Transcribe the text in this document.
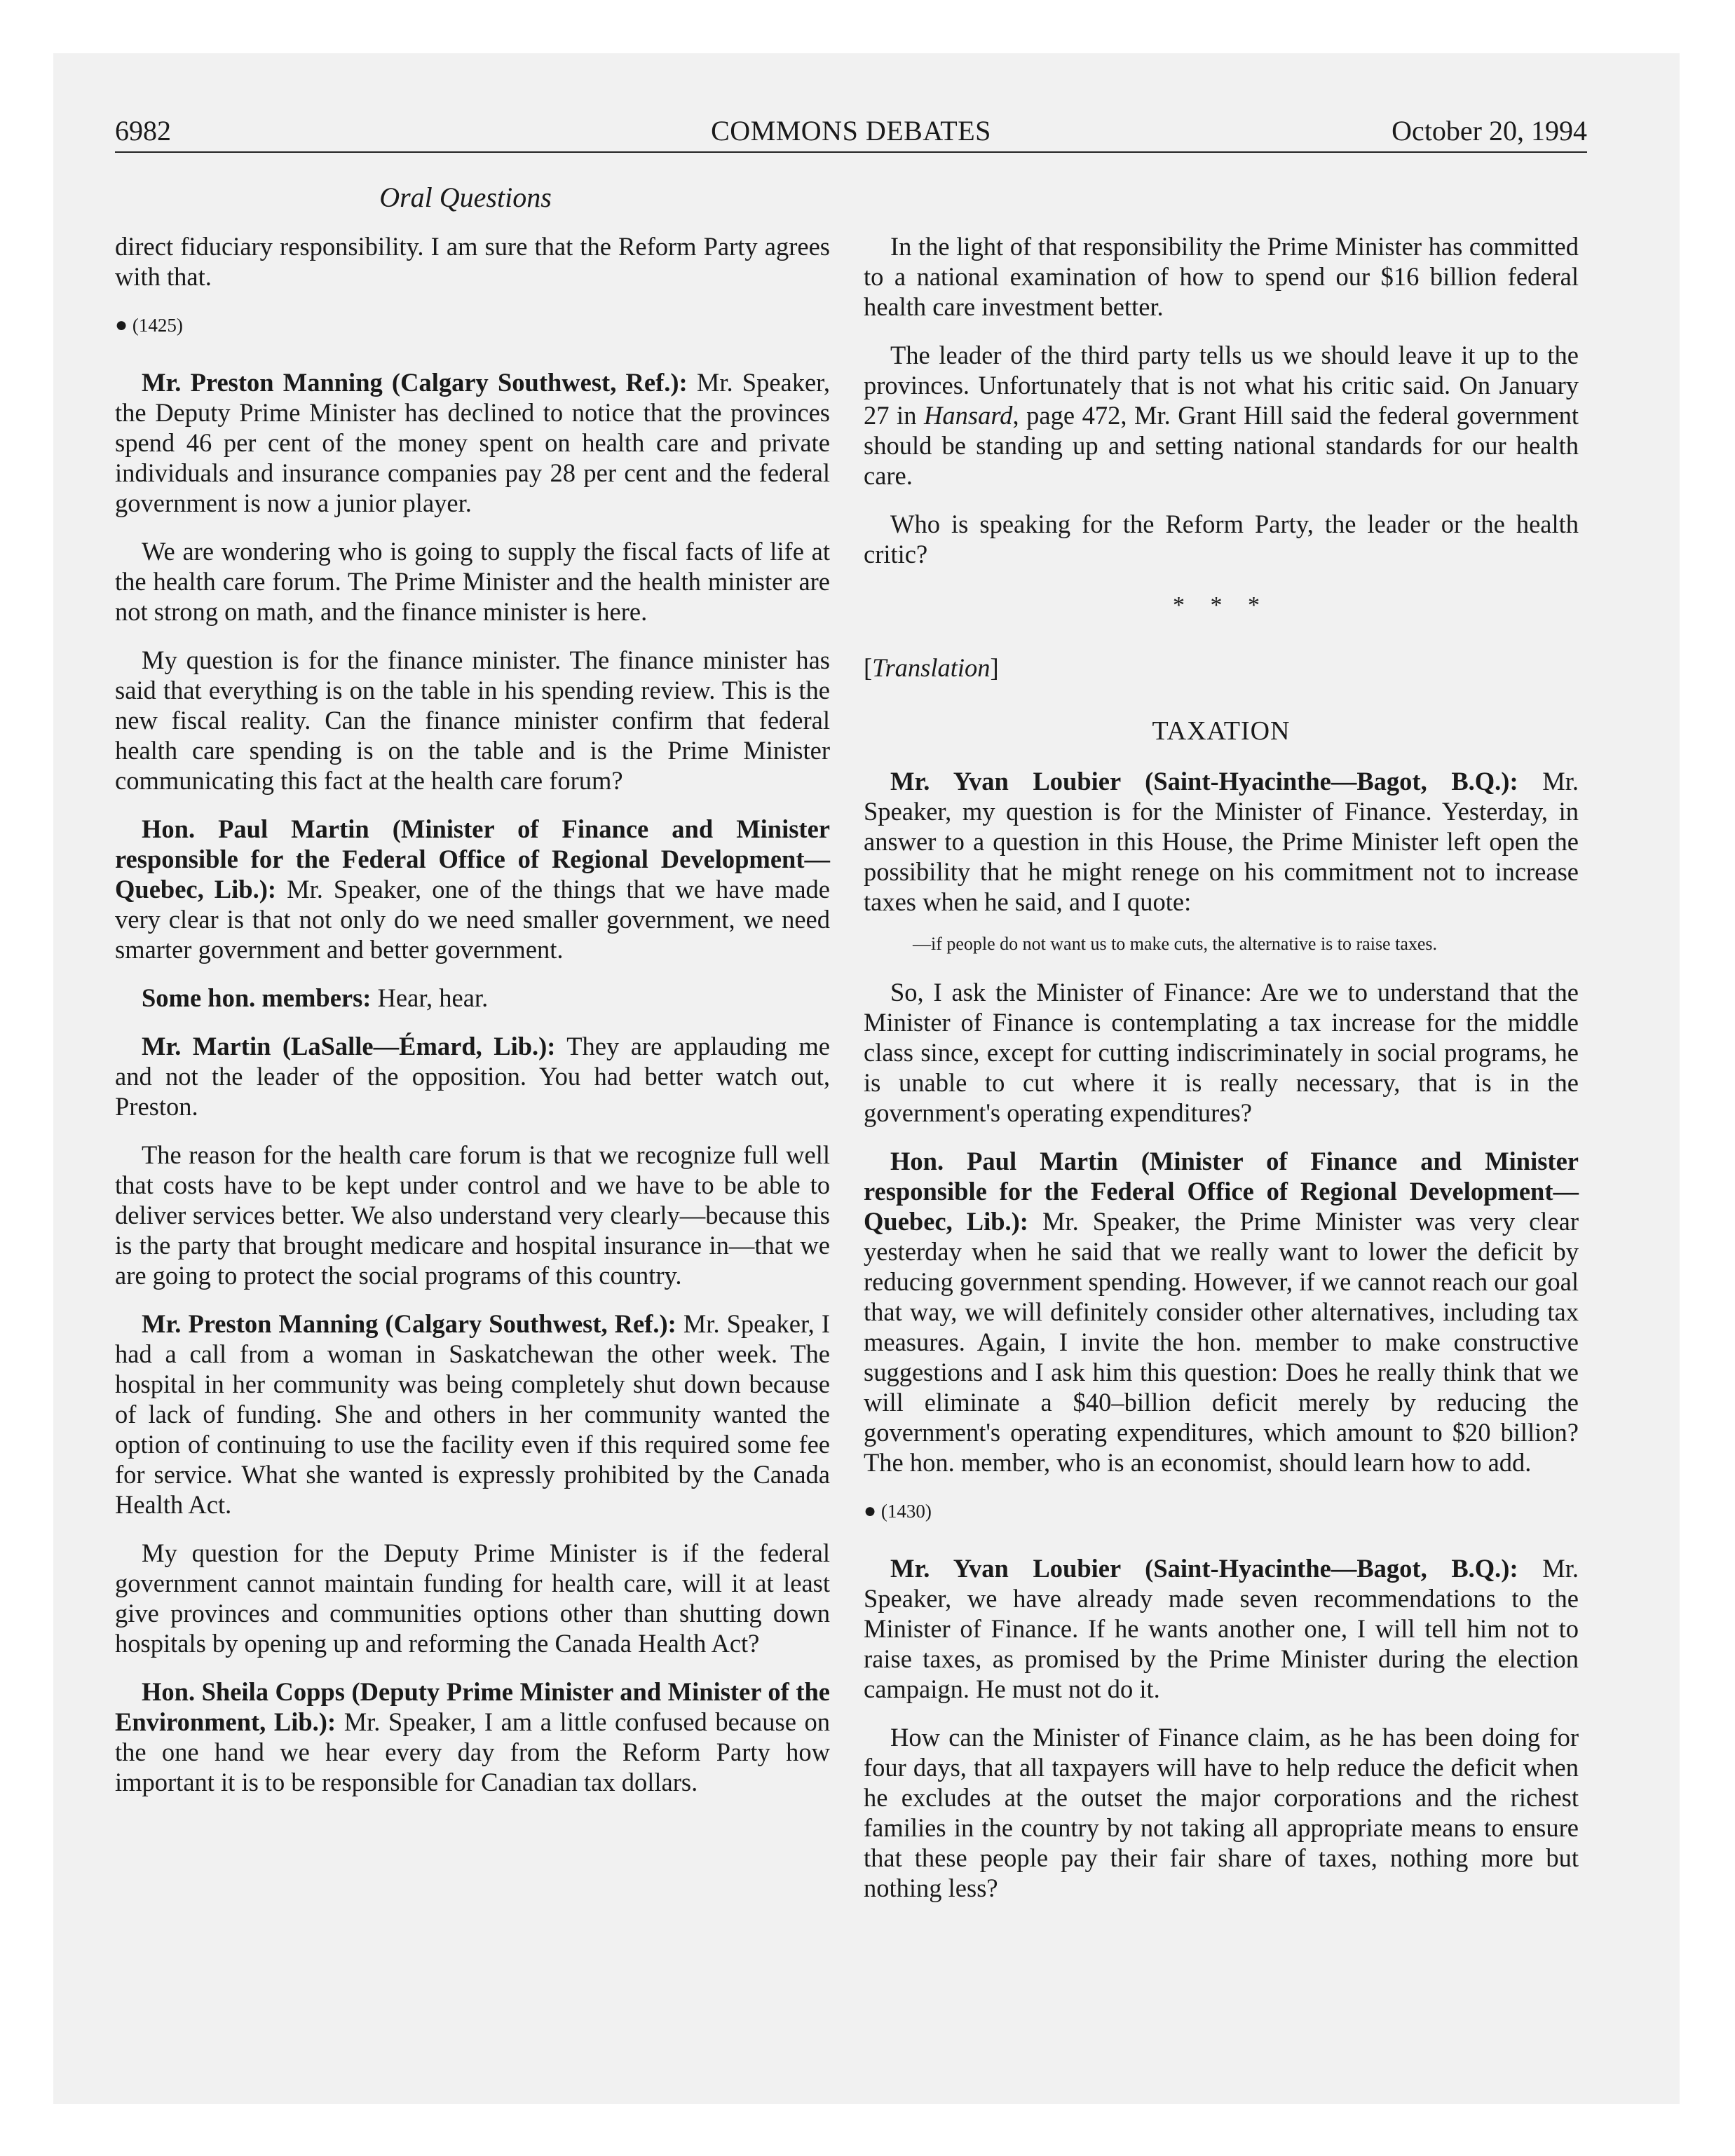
6982	COMMONS DEBATES	October 20, 1994
Oral Questions

direct fiduciary responsibility. I am sure that the Reform Party agrees with that.

● (1425)

Mr. Preston Manning (Calgary Southwest, Ref.): Mr. Speaker, the Deputy Prime Minister has declined to notice that the provinces spend 46 per cent of the money spent on health care and private individuals and insurance companies pay 28 per cent and the federal government is now a junior player.

We are wondering who is going to supply the fiscal facts of life at the health care forum. The Prime Minister and the health minister are not strong on math, and the finance minister is here.

My question is for the finance minister. The finance minister has said that everything is on the table in his spending review. This is the new fiscal reality. Can the finance minister confirm that federal health care spending is on the table and is the Prime Minister communicating this fact at the health care forum?

Hon. Paul Martin (Minister of Finance and Minister responsible for the Federal Office of Regional Development—Quebec, Lib.): Mr. Speaker, one of the things that we have made very clear is that not only do we need smaller government, we need smarter government and better government.

Some hon. members: Hear, hear.

Mr. Martin (LaSalle—Émard, Lib.): They are applauding me and not the leader of the opposition. You had better watch out, Preston.

The reason for the health care forum is that we recognize full well that costs have to be kept under control and we have to be able to deliver services better. We also understand very clearly—because this is the party that brought medicare and hospital insurance in—that we are going to protect the social programs of this country.

Mr. Preston Manning (Calgary Southwest, Ref.): Mr. Speaker, I had a call from a woman in Saskatchewan the other week. The hospital in her community was being completely shut down because of lack of funding. She and others in her community wanted the option of continuing to use the facility even if this required some fee for service. What she wanted is expressly prohibited by the Canada Health Act.

My question for the Deputy Prime Minister is if the federal government cannot maintain funding for health care, will it at least give provinces and communities options other than shutting down hospitals by opening up and reforming the Canada Health Act?

Hon. Sheila Copps (Deputy Prime Minister and Minister of the Environment, Lib.): Mr. Speaker, I am a little confused because on the one hand we hear every day from the Reform Party how important it is to be responsible for Canadian tax dollars.

In the light of that responsibility the Prime Minister has committed to a national examination of how to spend our $16 billion federal health care investment better.

The leader of the third party tells us we should leave it up to the provinces. Unfortunately that is not what his critic said. On January 27 in Hansard, page 472, Mr. Grant Hill said the federal government should be standing up and setting national standards for our health care.

Who is speaking for the Reform Party, the leader or the health critic?

* * *
[Translation]
TAXATION

Mr. Yvan Loubier (Saint-Hyacinthe—Bagot, B.Q.): Mr. Speaker, my question is for the Minister of Finance. Yesterday, in answer to a question in this House, the Prime Minister left open the possibility that he might renege on his commitment not to increase taxes when he said, and I quote:

—if people do not want us to make cuts, the alternative is to raise taxes.

So, I ask the Minister of Finance: Are we to understand that the Minister of Finance is contemplating a tax increase for the middle class since, except for cutting indiscriminately in social programs, he is unable to cut where it is really necessary, that is in the government's operating expenditures?

Hon. Paul Martin (Minister of Finance and Minister responsible for the Federal Office of Regional Development—Quebec, Lib.): Mr. Speaker, the Prime Minister was very clear yesterday when he said that we really want to lower the deficit by reducing government spending. However, if we cannot reach our goal that way, we will definitely consider other alternatives, including tax measures. Again, I invite the hon. member to make constructive suggestions and I ask him this question: Does he really think that we will eliminate a $40–billion deficit merely by reducing the government's operating expenditures, which amount to $20 billion? The hon. member, who is an economist, should learn how to add.

● (1430)

Mr. Yvan Loubier (Saint-Hyacinthe—Bagot, B.Q.): Mr. Speaker, we have already made seven recommendations to the Minister of Finance. If he wants another one, I will tell him not to raise taxes, as promised by the Prime Minister during the election campaign. He must not do it.

How can the Minister of Finance claim, as he has been doing for four days, that all taxpayers will have to help reduce the deficit when he excludes at the outset the major corporations and the richest families in the country by not taking all appropriate means to ensure that these people pay their fair share of taxes, nothing more but nothing less?
